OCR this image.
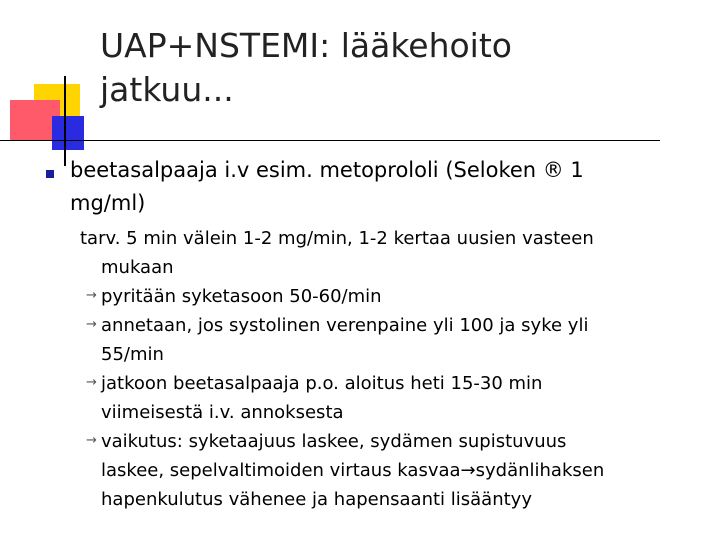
UAP+NSTEMI: lääkehoito
jatkuu...
beetasalpaaja i.v esim. metoprololi (Seloken ® 1
mg/ml)
tarv. 5 min välein 1-2 mg/min, 1-2 kertaa uusien vasteen
mukaan
pyritään syketasoon 50-60/min
annetaan, jos systolinen verenpaine yli 100 ja syke yli
55/min
jatkoon beetasalpaaja p.o. aloitus heti 15-30 min
viimeisestä i.v. annoksesta
vaikutus: syketaajuus laskee, sydämen supistuvuus
laskee, sepelvaltimoiden virtaus kasvaa→sydänlihaksen
hapenkulutus vähenee ja hapensaanti lisääntyy
→
→
→
→
